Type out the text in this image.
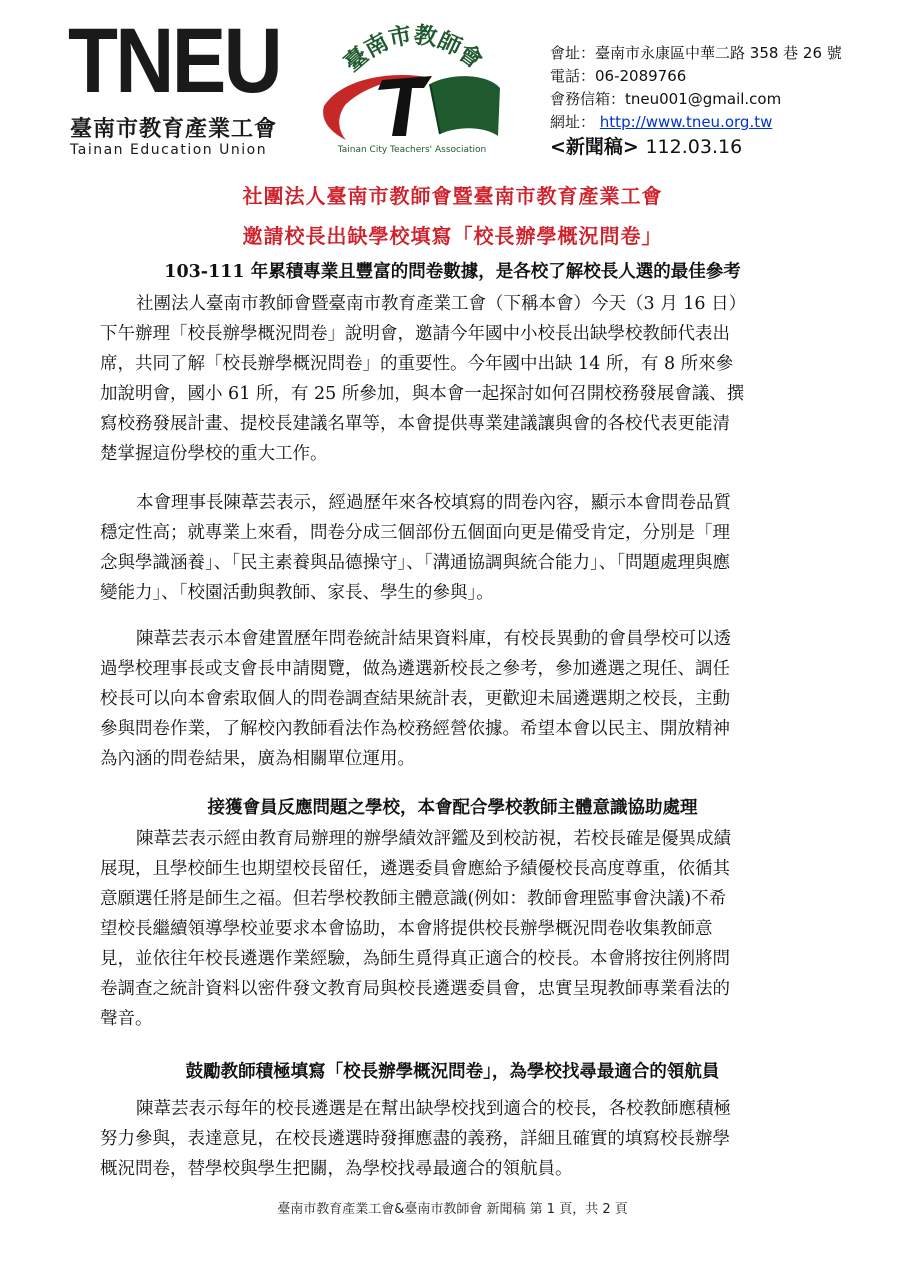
TNEU
臺南市教育產業工會
Tainan Education Union
臺南市教師會
Tainan City Teachers' Association
會址：臺南市永康區中華二路 358 巷 26 號
電話：06-2089766
會務信箱：tneu001@gmail.com
網址： http://www.tneu.org.tw
<新聞稿> 112.03.16
社團法人臺南市教師會暨臺南市教育產業工會
邀請校長出缺學校填寫「校長辦學概況問卷」
103-111 年累積專業且豐富的問卷數據，是各校了解校長人選的最佳參考
社團法人臺南市教師會暨臺南市教育產業工會（下稱本會）今天（3 月 16 日）
下午辦理「校長辦學概況問卷」說明會，邀請今年國中小校長出缺學校教師代表出
席，共同了解「校長辦學概況問卷」的重要性。今年國中出缺 14 所，有 8 所來參
加說明會，國小 61 所，有 25 所參加，與本會一起探討如何召開校務發展會議、撰
寫校務發展計畫、提校長建議名單等，本會提供專業建議讓與會的各校代表更能清
楚掌握這份學校的重大工作。
本會理事長陳葦芸表示，經過歷年來各校填寫的問卷內容，顯示本會問卷品質
穩定性高；就專業上來看，問卷分成三個部份五個面向更是備受肯定，分別是「理
念與學識涵養」、「民主素養與品德操守」、「溝通協調與統合能力」、「問題處理與應
變能力」、「校園活動與教師、家長、學生的參與」。
陳葦芸表示本會建置歷年問卷統計結果資料庫，有校長異動的會員學校可以透
過學校理事長或支會長申請閱覽，做為遴選新校長之參考，參加遴選之現任、調任
校長可以向本會索取個人的問卷調查結果統計表，更歡迎未屆遴選期之校長，主動
參與問卷作業，了解校內教師看法作為校務經營依據。希望本會以民主、開放精神
為內涵的問卷結果，廣為相關單位運用。
接獲會員反應問題之學校，本會配合學校教師主體意識協助處理
陳葦芸表示經由教育局辦理的辦學績效評鑑及到校訪視，若校長確是優異成績
展現，且學校師生也期望校長留任，遴選委員會應給予績優校長高度尊重，依循其
意願選任將是師生之福。但若學校教師主體意識(例如：教師會理監事會決議)不希
望校長繼續領導學校並要求本會協助，本會將提供校長辦學概況問卷收集教師意
見，並依往年校長遴選作業經驗，為師生覓得真正適合的校長。本會將按往例將問
卷調查之統計資料以密件發文教育局與校長遴選委員會，忠實呈現教師專業看法的
聲音。
鼓勵教師積極填寫「校長辦學概況問卷」，為學校找尋最適合的領航員
陳葦芸表示每年的校長遴選是在幫出缺學校找到適合的校長，各校教師應積極
努力參與，表達意見，在校長遴選時發揮應盡的義務，詳細且確實的填寫校長辦學
概況問卷，替學校與學生把關，為學校找尋最適合的領航員。
臺南市教育產業工會&臺南市教師會 新聞稿 第 1 頁，共 2 頁
